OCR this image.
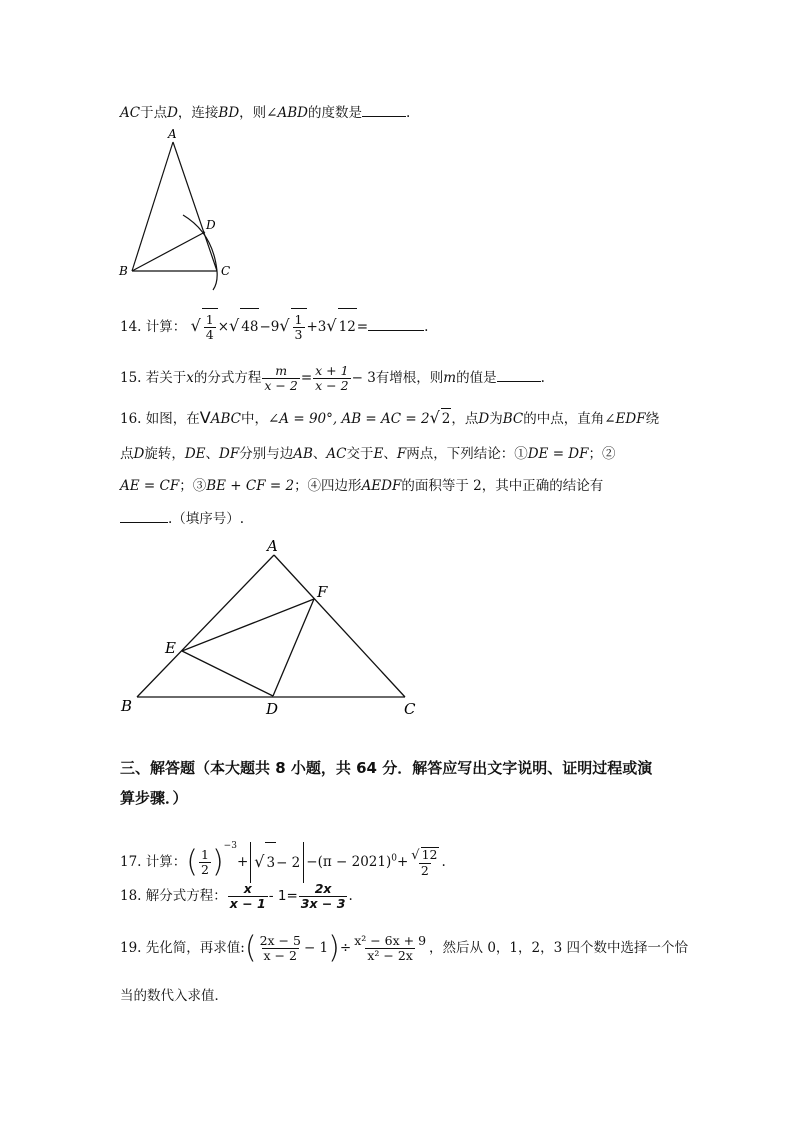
AC于点D，连接BD，则∠ABD的度数是	.
A
B	C
D
14. 计算： √ $\frac{1}{4}$ ×√ $48-9√ \frac{1}{3} +3√$ 12=	.
15. 若关于x的分式方程 $\frac{m}{x - 2} = \frac{x + 1}{x - 2} - 3$有增根，则m的值是	.
16. 如图，在VABC中，∠A = 90°, AB = AC = 2√ 2，点D为BC的中点，直角∠EDF绕
点D旋转，DE、DF分别与边AB、AC交于E、F两点，下列结论：①DE = DF；②
AE = CF；③BE + CF = 2；④四边形AEDF的面积等于 2，其中正确的结论有
.（填序号）.
A
B	C
D
E
F
三、解答题（本大题共 8 小题，共 64 分．解答应写出文字说明、证明过程或演
算步骤．）
17. 计算：( $\frac{1}{2} )^{-3}+$ √ $3- 2 -(\pi - 2021)^0+ \frac{√ 12}{2}$ .
18. 解分式方程： $\frac{x}{x - 1} - 1= \frac{2x}{3x - 3}$ .
19. 先化简，再求值:( $\frac{2x - 5}{x - 2} - 1)\div \frac{\text{x² − 6x + 9}}{\text{x² − 2x}}$ ，然后从 0，1，2，3 四个数中选择一个恰
当的数代入求值．
